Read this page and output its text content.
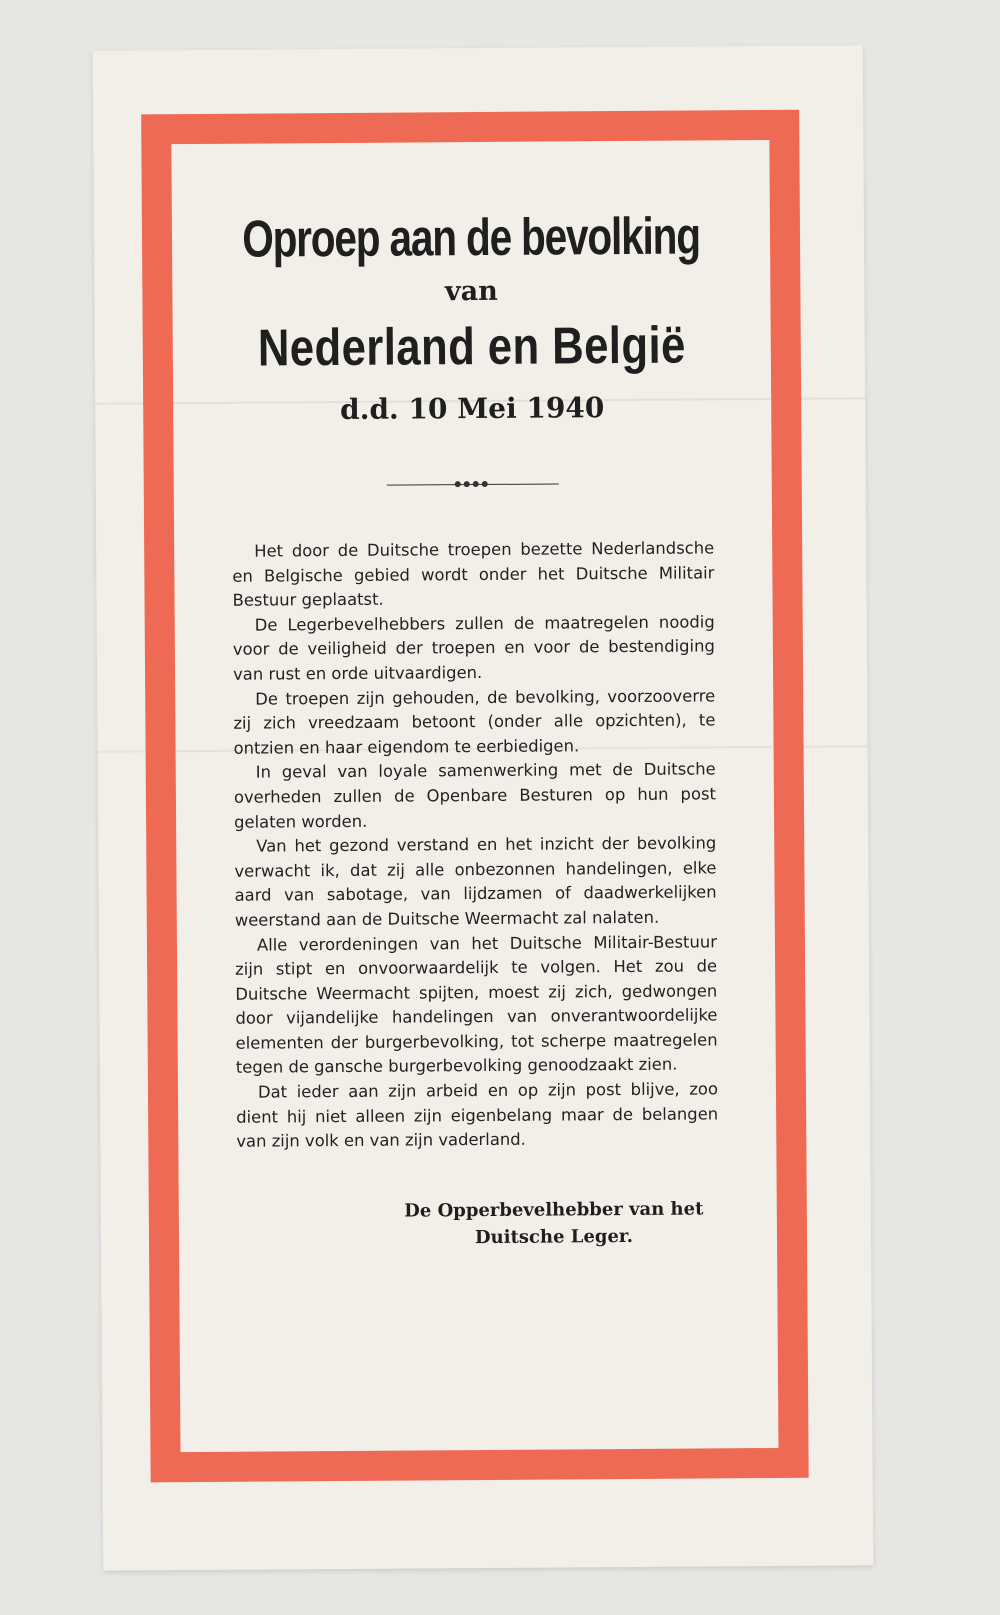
Oproep aan de bevolking
van
Nederland en België
d.d. 10 Mei 1940

Het door de Duitsche troepen bezette Nederlandsche en Belgische gebied wordt onder het Duitsche Militair Bestuur geplaatst.

De Legerbevelhebbers zullen de maatregelen noodig voor de veiligheid der troepen en voor de bestendiging van rust en orde uitvaardigen.

De troepen zijn gehouden, de bevolking, voorzooverre zij zich vreedzaam betoont (onder alle opzichten), te ontzien en haar eigendom te eerbiedigen.

In geval van loyale samenwerking met de Duitsche overheden zullen de Openbare Besturen op hun post gelaten worden.

Van het gezond verstand en het inzicht der bevolking verwacht ik, dat zij alle onbezonnen handelingen, elke aard van sabotage, van lijdzamen of daadwerkelijken weerstand aan de Duitsche Weermacht zal nalaten.

Alle verordeningen van het Duitsche Militair-Bestuur zijn stipt en onvoorwaardelijk te volgen. Het zou de Duitsche Weermacht spijten, moest zij zich, gedwongen door vijandelijke handelingen van onverantwoordelijke elementen der burgerbevolking, tot scherpe maatregelen tegen de gansche burgerbevolking genoodzaakt zien.

Dat ieder aan zijn arbeid en op zijn post blijve, zoo dient hij niet alleen zijn eigenbelang maar de belangen van zijn volk en van zijn vaderland.

De Opperbevelhebber van het
Duitsche Leger.
